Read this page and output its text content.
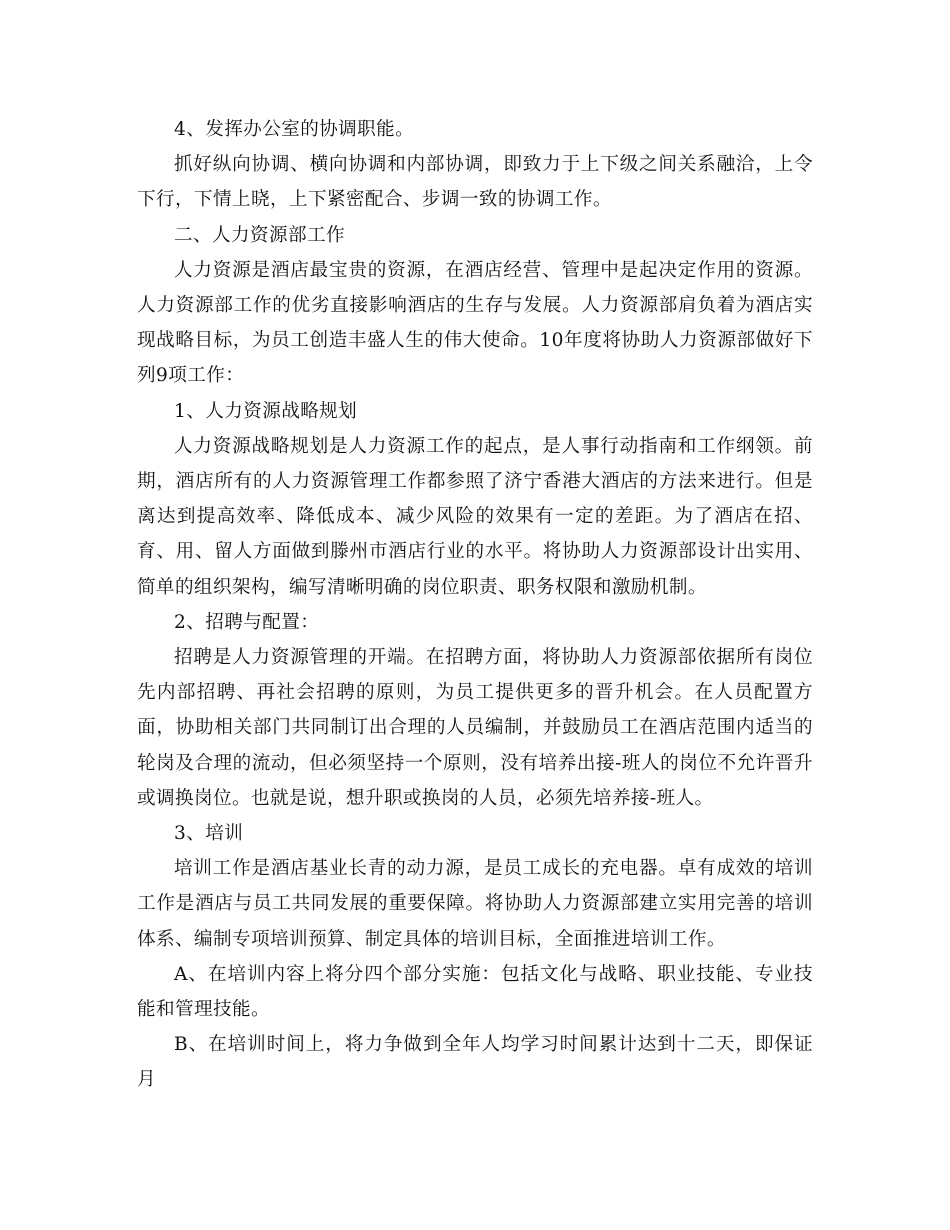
4、发挥办公室的协调职能。

抓好纵向协调、横向协调和内部协调，即致力于上下级之间关系融洽，上令下行，下情上晓，上下紧密配合、步调一致的协调工作。

二、人力资源部工作

人力资源是酒店最宝贵的资源，在酒店经营、管理中是起决定作用的资源。人力资源部工作的优劣直接影响酒店的生存与发展。人力资源部肩负着为酒店实现战略目标，为员工创造丰盛人生的伟大使命。10年度将协助人力资源部做好下列9项工作：

1、人力资源战略规划

人力资源战略规划是人力资源工作的起点，是人事行动指南和工作纲领。前期，酒店所有的人力资源管理工作都参照了济宁香港大酒店的方法来进行。但是离达到提高效率、降低成本、减少风险的效果有一定的差距。为了酒店在招、育、用、留人方面做到滕州市酒店行业的水平。将协助人力资源部设计出实用、简单的组织架构，编写清晰明确的岗位职责、职务权限和激励机制。

2、招聘与配置：

招聘是人力资源管理的开端。在招聘方面，将协助人力资源部依据所有岗位先内部招聘、再社会招聘的原则，为员工提供更多的晋升机会。在人员配置方面，协助相关部门共同制订出合理的人员编制，并鼓励员工在酒店范围内适当的轮岗及合理的流动，但必须坚持一个原则，没有培养出接-班人的岗位不允许晋升或调换岗位。也就是说，想升职或换岗的人员，必须先培养接-班人。

3、培训

培训工作是酒店基业长青的动力源，是员工成长的充电器。卓有成效的培训工作是酒店与员工共同发展的重要保障。将协助人力资源部建立实用完善的培训体系、编制专项培训预算、制定具体的培训目标，全面推进培训工作。

A、在培训内容上将分四个部分实施：包括文化与战略、职业技能、专业技能和管理技能。

B、在培训时间上，将力争做到全年人均学习时间累计达到十二天，即保证月
